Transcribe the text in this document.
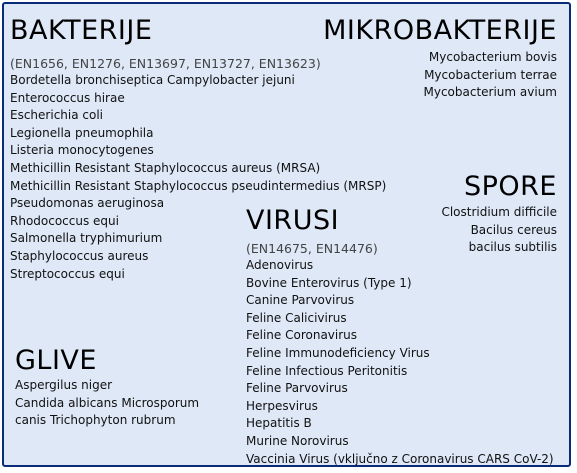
BAKTERIJE
(EN1656, EN1276, EN13697, EN13727, EN13623)
Bordetella bronchiseptica Campylobacter jejuni
Enterococcus hirae
Escherichia coli
Legionella pneumophila
Listeria monocytogenes
Methicillin Resistant Staphylococcus aureus (MRSA)
Methicillin Resistant Staphylococcus pseudintermedius (MRSP)
Pseudomonas aeruginosa
Rhodococcus equi
Salmonella tryphimurium
Staphylococcus aureus
Streptococcus equi
MIKROBAKTERIJE
Mycobacterium bovis
Mycobacterium terrae
Mycobacterium avium
SPORE
Clostridium difficile
Bacilus cereus
bacilus subtilis
VIRUSI
(EN14675, EN14476)
Adenovirus
Bovine Enterovirus (Type 1)
Canine Parvovirus
Feline Calicivirus
Feline Coronavirus
Feline Immunodeficiency Virus
Feline Infectious Peritonitis
Feline Parvovirus
Herpesvirus
Hepatitis B
Murine Norovirus
Vaccinia Virus (vključno z Coronavirus CARS CoV-2)
GLIVE
Aspergilus niger
Candida albicans Microsporum canis Trichophyton rubrum
